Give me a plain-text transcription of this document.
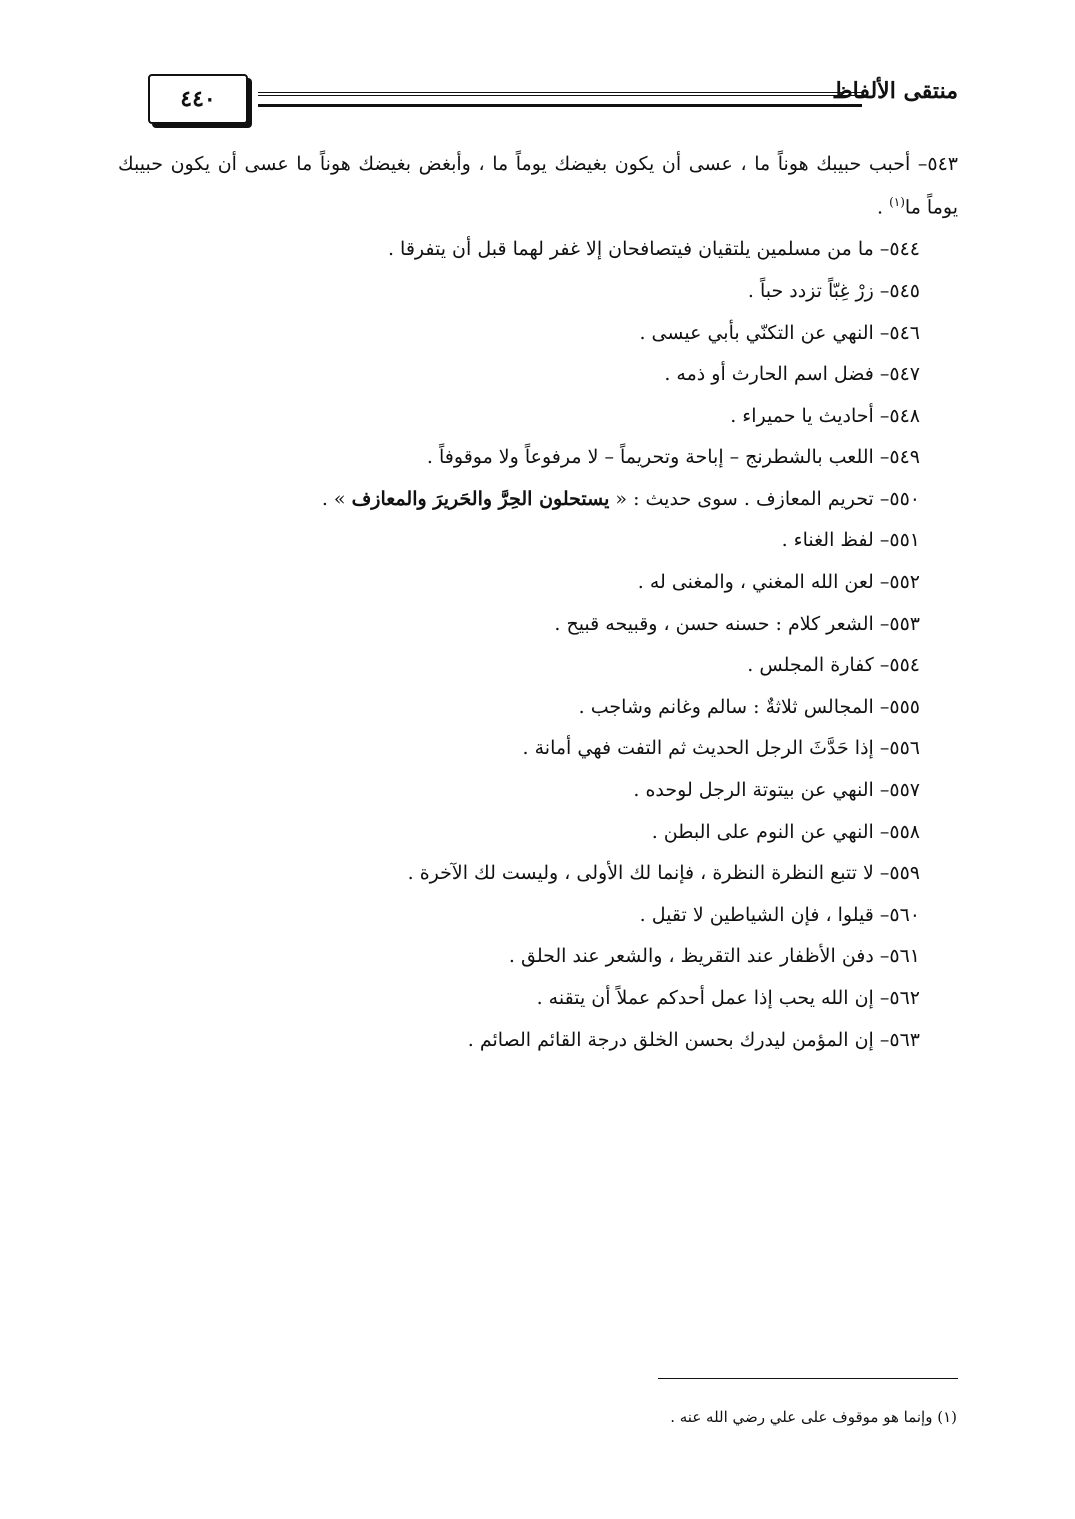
٤٤٠	منتقى الألفاظ

٥٤٣– أحبب حبيبك هوناً ما ، عسى أن يكون بغيضك يوماً ما ، وأبغض بغيضك هوناً ما عسى أن يكون حبيبك يوماً ما$^{(١)}$ .

٥٤٤– ما من مسلمين يلتقيان فيتصافحان إلا غفر لهما قبل أن يتفرقا .

٥٤٥– زرْ غِبّاً تزدد حباً .

٥٤٦– النهي عن التكنّي بأبي عيسى .

٥٤٧– فضل اسم الحارث أو ذمه .

٥٤٨– أحاديث يا حميراء .

٥٤٩– اللعب بالشطرنج – إباحة وتحريماً – لا مرفوعاً ولا موقوفاً .

٥٥٠– تحريم المعازف . سوى حديث : « يستحلون الحِرَّ والحَريرَ والمعازف » .

٥٥١– لفظ الغناء .

٥٥٢– لعن الله المغني ، والمغنى له .

٥٥٣– الشعر كلام : حسنه حسن ، وقبيحه قبيح .

٥٥٤– كفارة المجلس .

٥٥٥– المجالس ثلاثةٌ : سالم وغانم وشاجب .

٥٥٦– إذا حَدَّثَ الرجل الحديث ثم التفت فهي أمانة .

٥٥٧– النهي عن بيتوتة الرجل لوحده .

٥٥٨– النهي عن النوم على البطن .

٥٥٩– لا تتبع النظرة النظرة ، فإنما لك الأولى ، وليست لك الآخرة .

٥٦٠– قيلوا ، فإن الشياطين لا تقيل .

٥٦١– دفن الأظفار عند التقريظ ، والشعر عند الحلق .

٥٦٢– إن الله يحب إذا عمل أحدكم عملاً أن يتقنه .

٥٦٣– إن المؤمن ليدرك بحسن الخلق درجة القائم الصائم .

(١) وإنما هو موقوف على علي رضي الله عنه .
